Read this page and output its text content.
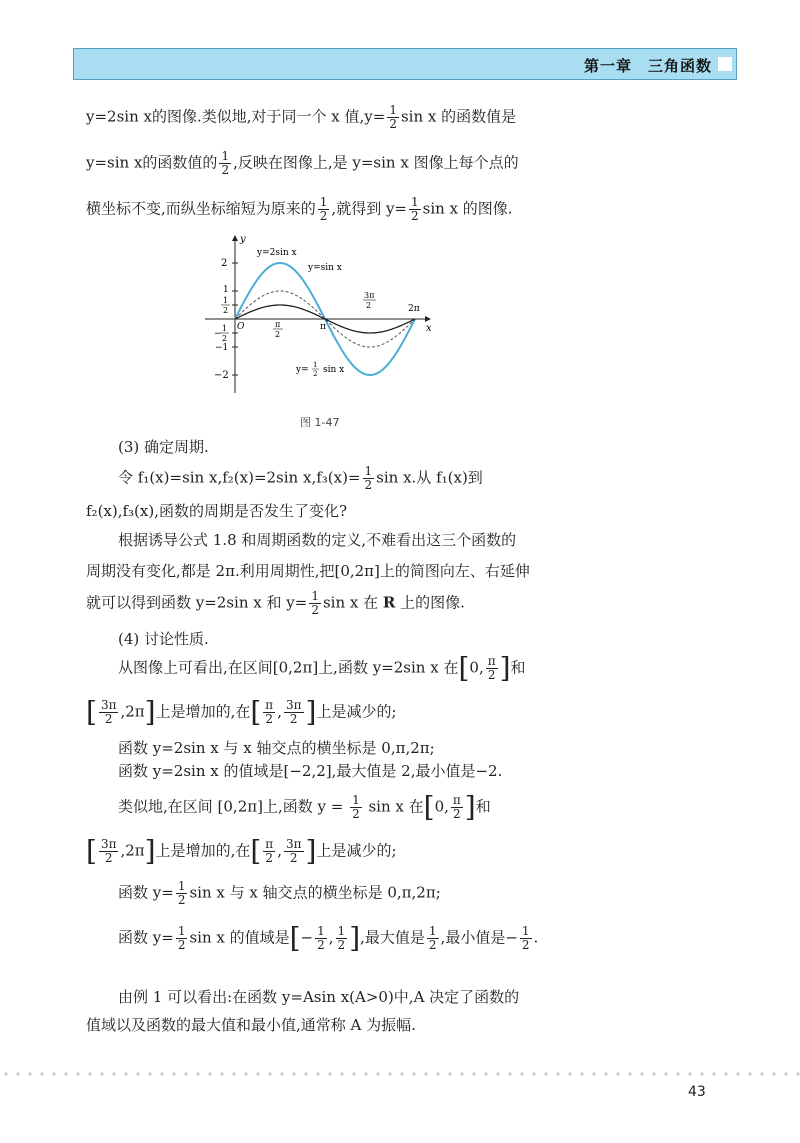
第一章　三角函数
y=2sin x的图像.类似地,对于同一个 x 值$,y= \frac{1}{2}$ sin x 的函数值是
y=sin x的函数值的 $\frac{1}{2}$ ,反映在图像上,是 y=sin x 图像上每个点的
横坐标不变,而纵坐标缩短为原来的 $\frac{1}{2}$ ,就得到 $y= \frac{1}{2}$ sin x 的图像.
y
x
O
2
1
1
2
−
1
2
−1
−2
π
2
π
3π
2	2π
y=2sin x
y=sin x
y= 1
2 sin x
图 1-47
(3) 确定周期.
令 f₁(x)=sin x,f₂(x)=2sin $x,f_3(x)= \frac{1}{2}$ sin x.从 f₁(x)到
f₂(x),f₃(x),函数的周期是否发生了变化?
根据诱导公式 1.8 和周期函数的定义,不难看出这三个函数的
周期没有变化,都是 2π.利用周期性,把[0,2π]上的简图向左、右延伸
就可以得到函数 y=2sin x 和 $y= \frac{1}{2}$ sin x 在 R 上的图像.
(4) 讨论性质.
从图像上可看出,在区间[0,2π]上,函数 y=2sin x 在[0, $\frac{\pi}{2}$ ]和
[ $\frac{3\pi}{2} ,2\pi$]上是增加的,在[ $\frac{\pi}{2}$ , $\frac{3\pi}{2}$ ]上是减少的;
函数 y=2sin x 与 x 轴交点的横坐标是 0,π,2π;
函数 y=2sin x 的值域是[−2,2],最大值是 2,最小值是−2.
类似地,在区间 [0,2π]上,函数 $y = \frac{1}{2}$ sin x 在[0, $\frac{\pi}{2}$ ]和
[ $\frac{3\pi}{2} ,2\pi$]上是增加的,在[ $\frac{\pi}{2}$ , $\frac{3\pi}{2}$ ]上是减少的;
函数 $y= \frac{1}{2}$ sin x 与 x 轴交点的横坐标是 0,π,2π;
函数 $y= \frac{1}{2}$ sin x 的值域是[− $\frac{1}{2}$ , $\frac{1}{2}$ ],最大值是 $\frac{1}{2}$ ,最小值是− $\frac{1}{2}$ .
由例 1 可以看出:在函数 y=Asin x(A>0)中,A 决定了函数的
值域以及函数的最大值和最小值,通常称 A 为振幅.
43
